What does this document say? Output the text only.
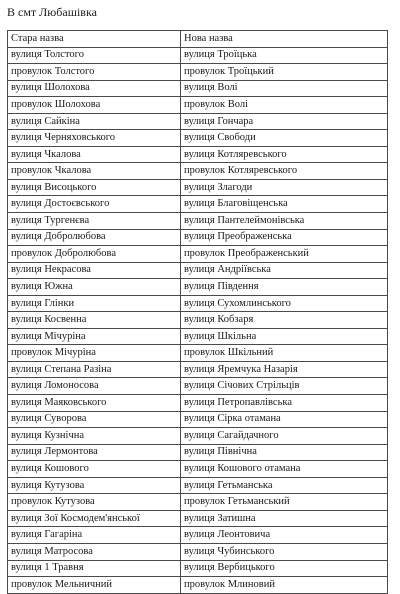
В смт Любашівка
Стара назва	Нова назва
вулиця Толстого	вулиця Троїцька
провулок Толстого	провулок Троїцький
вулиця Шолохова	вулиця Волі
провулок Шолохова	провулок Волі
вулиця Сайкіна	вулиця Гончара
вулиця Черняховського	вулиця Свободи
вулиця Чкалова	вулиця Котляревського
провулок Чкалова	провулок Котляревського
вулиця Висоцького	вулиця Злагоди
вулиця Достоєвського	вулиця Благовіщенська
вулиця Тургенєва	вулиця Пантелеймонівська
вулиця Добролюбова	вулиця Преображенська
провулок Добролюбова	провулок Преображенський
вулиця Некрасова	вулиця Андріївська
вулиця Южна	вулиця Південня
вулиця Глінки	вулиця Сухомлинського
вулиця Косвенна	вулиця Кобзаря
вулиця Мічуріна	вулиця Шкільна
провулок Мічуріна	провулок Шкільний
вулиця Степана Разіна	вулиця Яремчука Назарія
вулиця Ломоносова	вулиця Січових Стрільців
вулиця Маяковського	вулиця Петропавлівська
вулиця Суворова	вулиця Сірка отамана
вулиця Кузнічна	вулиця Сагайдачного
вулиця Лермонтова	вулиця Північна
вулиця Кошового	вулиця Кошового отамана
вулиця Кутузова	вулиця Гетьманська
провулок Кутузова	провулок Гетьманський
вулиця Зої Космодем'янської	вулиця Затишна
вулиця Гагаріна	вулиця Леонтовича
вулиця Матросова	вулиця Чубинського
вулиця 1 Травня	вулиця Вербицького
провулок Мельничний	провулок Млиновий
